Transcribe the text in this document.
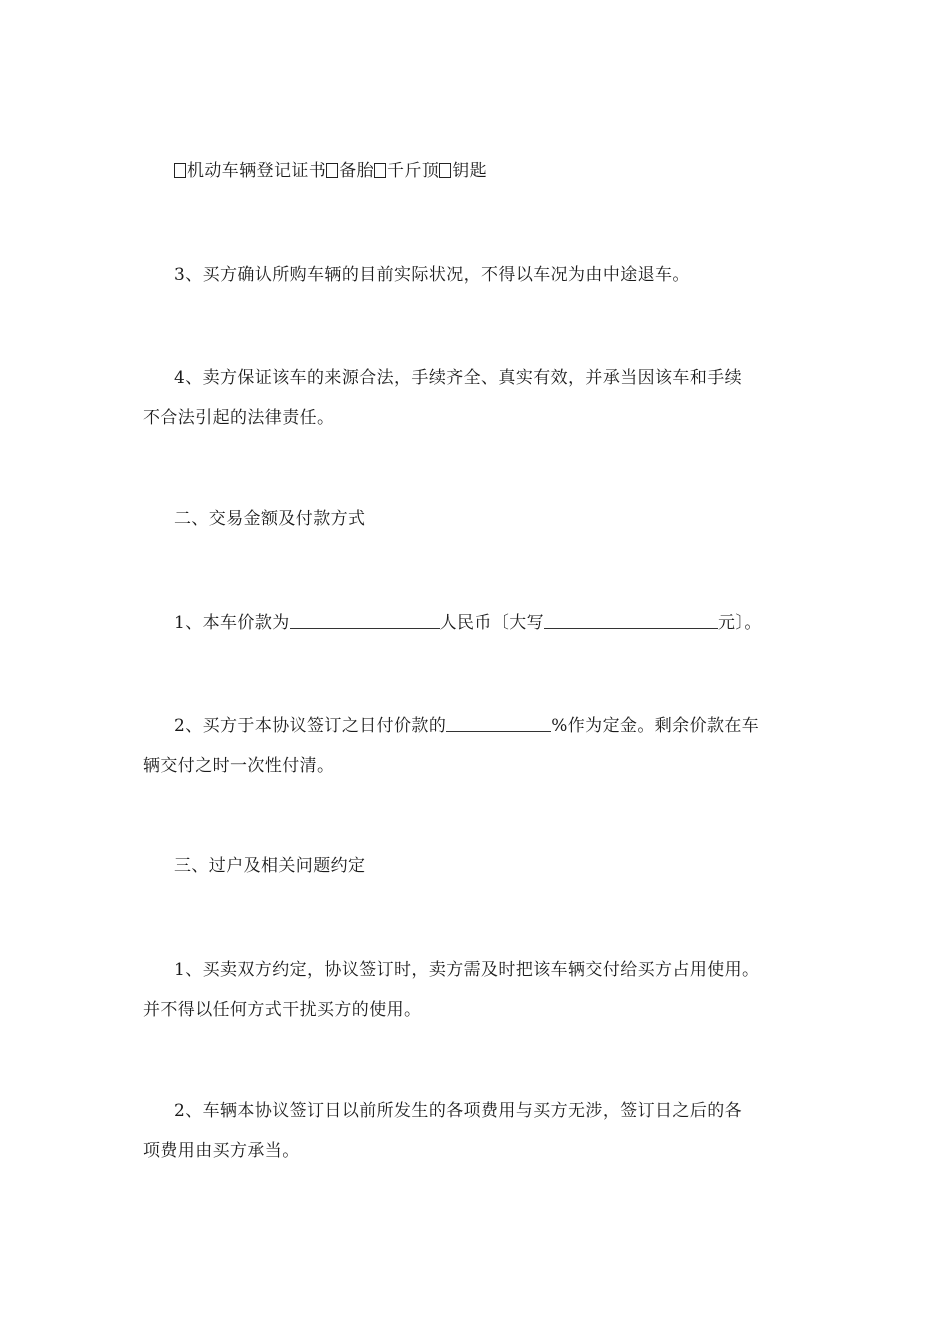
机动车辆登记证书 备胎 千斤顶 钥匙
3、买方确认所购车辆的目前实际状况，不得以车况为由中途退车。
4、卖方保证该车的来源合法，手续齐全、真实有效，并承当因该车和手续
不合法引起的法律责任。
二、交易金额及付款方式
1、本车价款为	人民币〔大写	元〕。
2、买方于本协议签订之日付价款的	%作为定金。剩余价款在车
辆交付之时一次性付清。
三、过户及相关问题约定
1、买卖双方约定，协议签订时，卖方需及时把该车辆交付给买方占用使用。
并不得以任何方式干扰买方的使用。
2、车辆本协议签订日以前所发生的各项费用与买方无涉，签订日之后的各
项费用由买方承当。
